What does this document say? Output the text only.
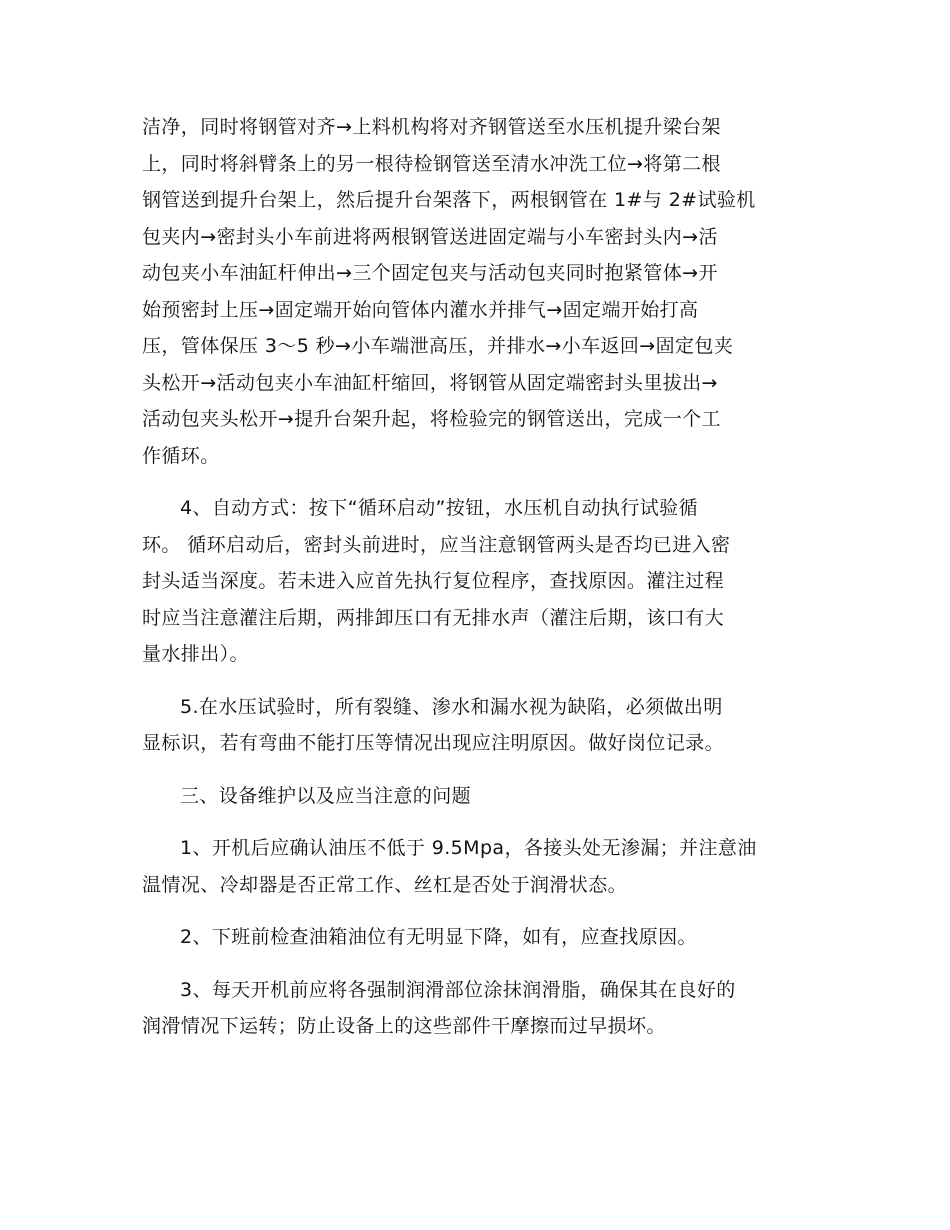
洁净，同时将钢管对齐→上料机构将对齐钢管送至水压机提升梁台架
上，同时将斜臂条上的另一根待检钢管送至清水冲洗工位→将第二根
钢管送到提升台架上，然后提升台架落下，两根钢管在 1#与 2#试验机
包夹内→密封头小车前进将两根钢管送进固定端与小车密封头内→活
动包夹小车油缸杆伸出→三个固定包夹与活动包夹同时抱紧管体→开
始预密封上压→固定端开始向管体内灌水并排气→固定端开始打高
压，管体保压 3～5 秒→小车端泄高压，并排水→小车返回→固定包夹
头松开→活动包夹小车油缸杆缩回，将钢管从固定端密封头里拔出→
活动包夹头松开→提升台架升起，将检验完的钢管送出，完成一个工
作循环。

4、自动方式：按下“循环启动”按钮，水压机自动执行试验循
环。 循环启动后，密封头前进时，应当注意钢管两头是否均已进入密
封头适当深度。若未进入应首先执行复位程序，查找原因。灌注过程
时应当注意灌注后期，两排卸压口有无排水声（灌注后期，该口有大
量水排出）。

5.在水压试验时，所有裂缝、渗水和漏水视为缺陷，必须做出明
显标识，若有弯曲不能打压等情况出现应注明原因。做好岗位记录。

三、设备维护以及应当注意的问题

1、开机后应确认油压不低于 9.5Mpa，各接头处无渗漏；并注意油
温情况、冷却器是否正常工作、丝杠是否处于润滑状态。

2、下班前检查油箱油位有无明显下降，如有，应查找原因。

3、每天开机前应将各强制润滑部位涂抹润滑脂，确保其在良好的
润滑情况下运转；防止设备上的这些部件干摩擦而过早损坏。
